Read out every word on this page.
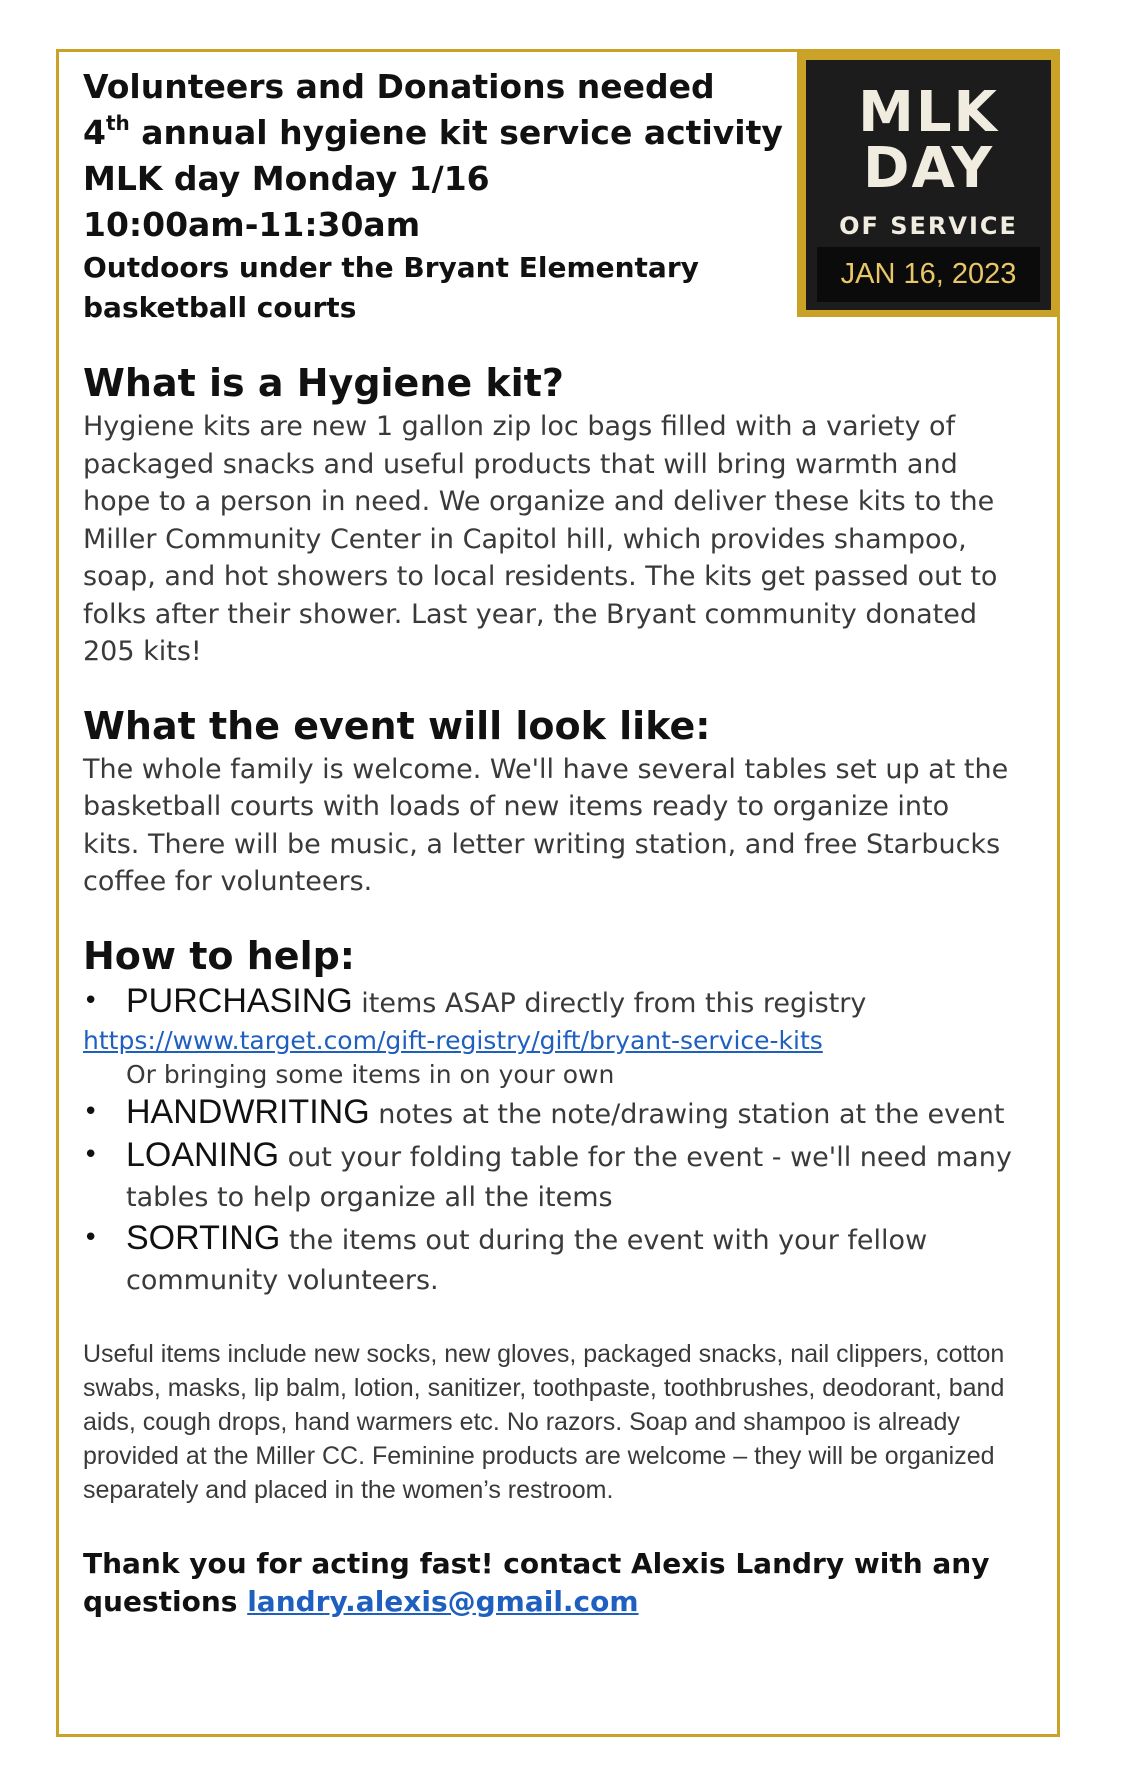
Volunteers and Donations needed

4th annual hygiene kit service activity

MLK day Monday 1/16

10:00am-11:30am

Outdoors under the Bryant Elementary

basketball courts

MLK
DAY
OF SERVICE
JAN 16, 2023
What is a Hygiene kit?

Hygiene kits are new 1 gallon zip loc bags filled with a variety of packaged snacks and useful products that will bring warmth and hope to a person in need. We organize and deliver these kits to the Miller Community Center in Capitol hill, which provides shampoo, soap, and hot showers to local residents. The kits get passed out to folks after their shower. Last year, the Bryant community donated 205 kits!

What the event will look like:

The whole family is welcome. We'll have several tables set up at the basketball courts with loads of new items ready to organize into kits. There will be music, a letter writing station, and free Starbucks coffee for volunteers.

How to help:
• PURCHASING items ASAP directly from this registry
https://www.target.com/gift-registry/gift/bryant-service-kits
Or bringing some items in on your own
• HANDWRITING notes at the note/drawing station at the event
• LOANING out your folding table for the event - we'll need many tables to help organize all the items
• SORTING the items out during the event with your fellow community volunteers.

Useful items include new socks, new gloves, packaged snacks, nail clippers, cotton swabs, masks, lip balm, lotion, sanitizer, toothpaste, toothbrushes, deodorant, band aids, cough drops, hand warmers etc. No razors. Soap and shampoo is already provided at the Miller CC. Feminine products are welcome – they will be organized separately and placed in the women’s restroom.

Thank you for acting fast! contact Alexis Landry with any questions landry.alexis@gmail.com
